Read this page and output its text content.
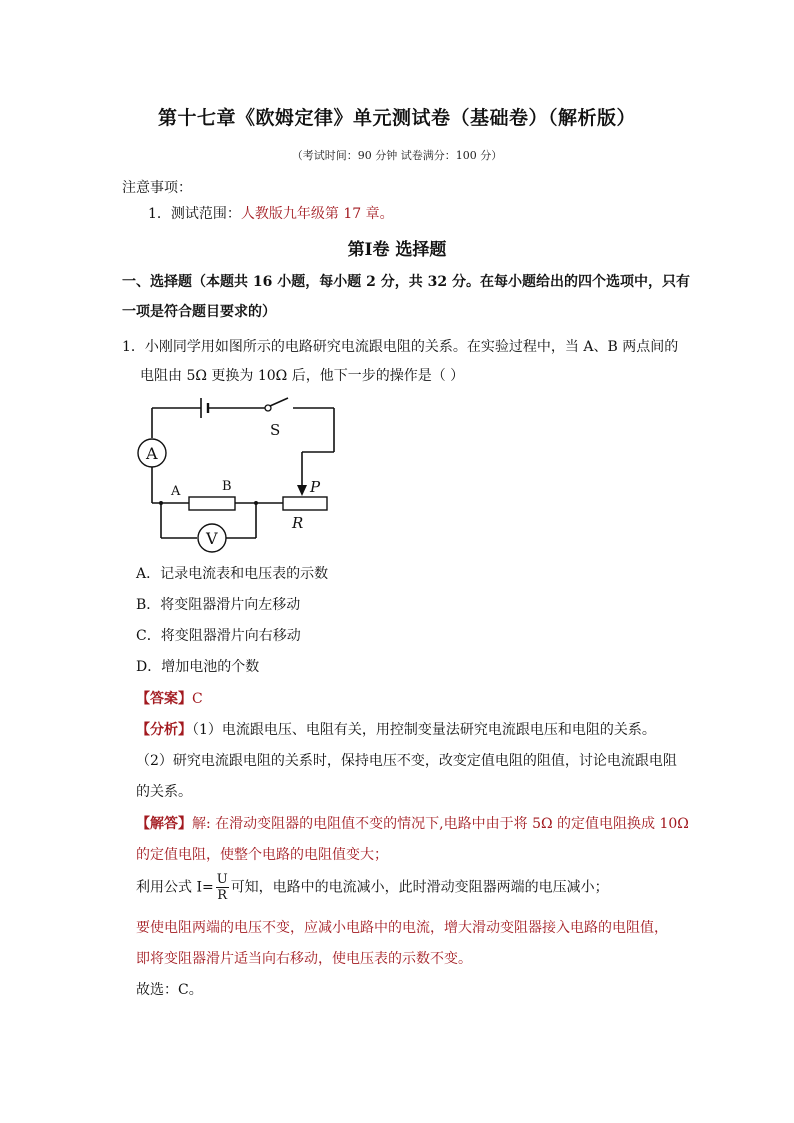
第十七章《欧姆定律》单元测试卷（基础卷）（解析版）
（考试时间：90 分钟 试卷满分：100 分）
注意事项：
1．测试范围：人教版九年级第 17 章。
第Ⅰ卷 选择题
一、选择题（本题共 16 小题，每小题 2 分，共 32 分。在每小题给出的四个选项中，只有
一项是符合题目要求的）
1．小刚同学用如图所示的电路研究电流跟电阻的关系。在实验过程中，当 A、B 两点间的
电阻由 5Ω 更换为 10Ω 后，他下一步的操作是（ ）
A
V
S
A	B	P
R
A．记录电流表和电压表的示数
B．将变阻器滑片向左移动
C．将变阻器滑片向右移动
D．增加电池的个数
【答案】C
【分析】（1）电流跟电压、电阻有关，用控制变量法研究电流跟电压和电阻的关系。
（2）研究电流跟电阻的关系时，保持电压不变，改变定值电阻的阻值，讨论电流跟电阻
的关系。
【解答】解: 在滑动变阻器的电阻值不变的情况下,电路中由于将 5Ω 的定值电阻换成 10Ω
的定值电阻，使整个电路的电阻值变大；
利用公式 $I= \frac{U}{R}$ 可知，电路中的电流减小，此时滑动变阻器两端的电压减小；
要使电阻两端的电压不变，应减小电路中的电流，增大滑动变阻器接入电路的电阻值，
即将变阻器滑片适当向右移动，使电压表的示数不变。
故选：C。
